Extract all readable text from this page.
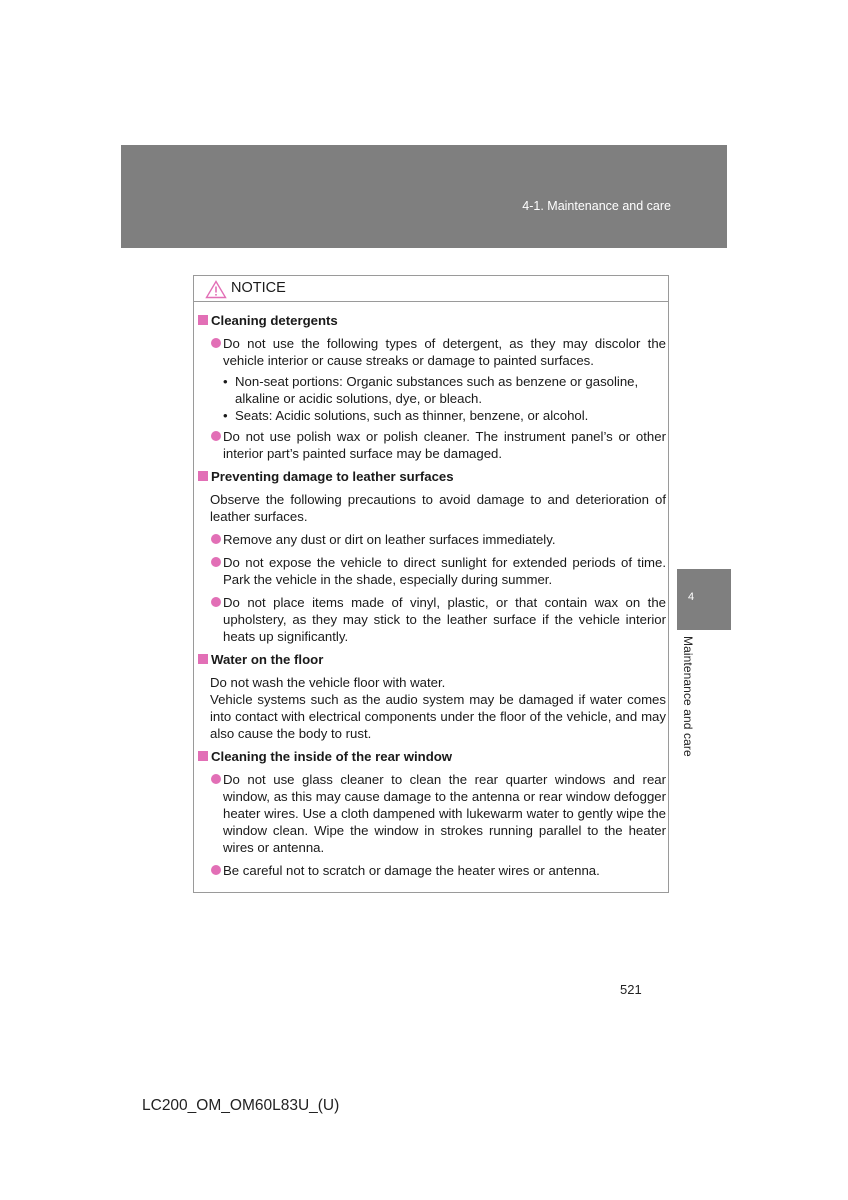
4-1. Maintenance and care
4
Maintenance and care
NOTICE
Cleaning detergents
Do not use the following types of detergent, as they may discolor the vehicle interior or cause streaks or damage to painted surfaces.
• Non-seat portions: Organic substances such as benzene or gasoline, alkaline or acidic solutions, dye, or bleach.
• Seats: Acidic solutions, such as thinner, benzene, or alcohol.
Do not use polish wax or polish cleaner. The instrument panel’s or other interior part’s painted surface may be damaged.
Preventing damage to leather surfaces
Observe the following precautions to avoid damage to and deterioration of leather surfaces.
Remove any dust or dirt on leather surfaces immediately.
Do not expose the vehicle to direct sunlight for extended periods of time. Park the vehicle in the shade, especially during summer.
Do not place items made of vinyl, plastic, or that contain wax on the upholstery, as they may stick to the leather surface if the vehicle interior heats up significantly.
Water on the floor
Do not wash the vehicle floor with water.
Vehicle systems such as the audio system may be damaged if water comes into contact with electrical components under the floor of the vehicle, and may also cause the body to rust.
Cleaning the inside of the rear window
Do not use glass cleaner to clean the rear quarter windows and rear window, as this may cause damage to the antenna or rear window defogger heater wires. Use a cloth dampened with lukewarm water to gently wipe the window clean. Wipe the window in strokes running parallel to the heater wires or antenna.
Be careful not to scratch or damage the heater wires or antenna.
521
LC200_OM_OM60L83U_(U)
